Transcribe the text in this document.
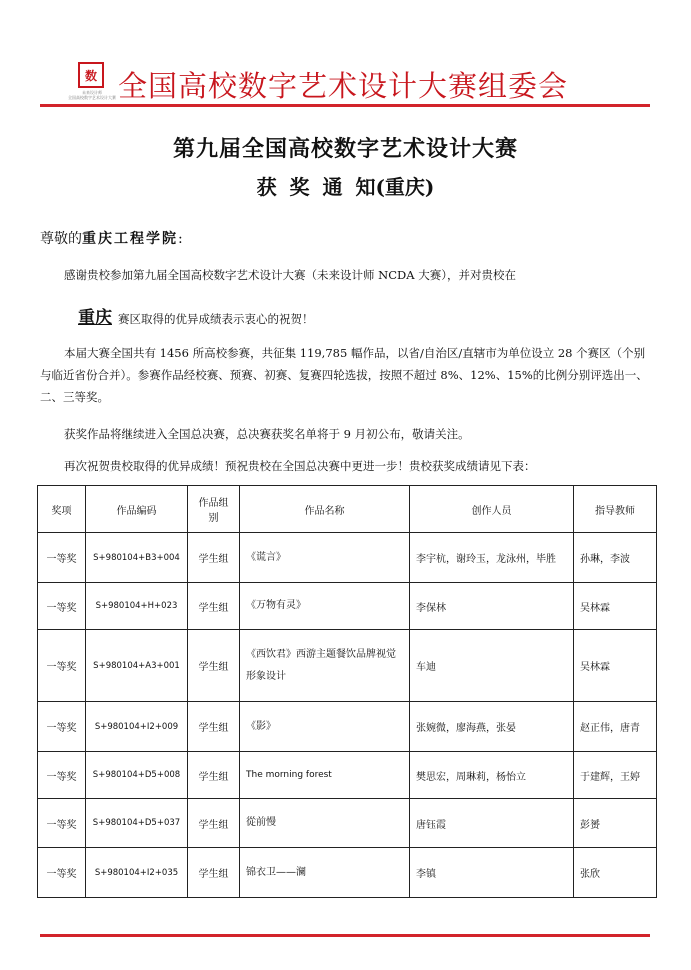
数
未来设计师
全国高校数字艺术设计大赛 全国高校数字艺术设计大赛组委会
第九届全国高校数字艺术设计大赛
获 奖 通 知(重庆)
尊敬的重庆工程学院:
感谢贵校参加第九届全国高校数字艺术设计大赛（未来设计师 NCDA 大赛），并对贵校在
重庆 赛区取得的优异成绩表示衷心的祝贺！
本届大赛全国共有 1456 所高校参赛，共征集 119,785 幅作品，以省/自治区/直辖市为单位设立 28 个赛区（个别与临近省份合并）。参赛作品经校赛、预赛、初赛、复赛四轮选拔，按照不超过 8%、12%、15%的比例分别评选出一、二、三等奖。
获奖作品将继续进入全国总决赛，总决赛获奖名单将于 9 月初公布，敬请关注。
再次祝贺贵校取得的优异成绩！预祝贵校在全国总决赛中更进一步！贵校获奖成绩请见下表：
奖项	作品编码	作品组别	作品名称	创作人员	指导教师
一等奖	S+980104+B3+004	学生组	《谎言》	李宇杭，谢玲玉，龙泳州，毕胜	孙琳，李波
一等奖	S+980104+H+023	学生组	《万物有灵》	李保林	吴林霖
一等奖	S+980104+A3+001	学生组	《西饮君》西游主题餐饮品牌视觉形象设计	车迪	吴林霖
一等奖	S+980104+I2+009	学生组	《影》	张婉微，廖海燕，张晏	赵正伟，唐青
一等奖	S+980104+D5+008	学生组	The morning forest	樊思宏，周琳莉，杨怡立	于建辉，王婷
一等奖	S+980104+D5+037	学生组	從前慢	唐钰霞	彭赟
一等奖	S+980104+I2+035	学生组	锦衣卫——澜	李镇	张欣
